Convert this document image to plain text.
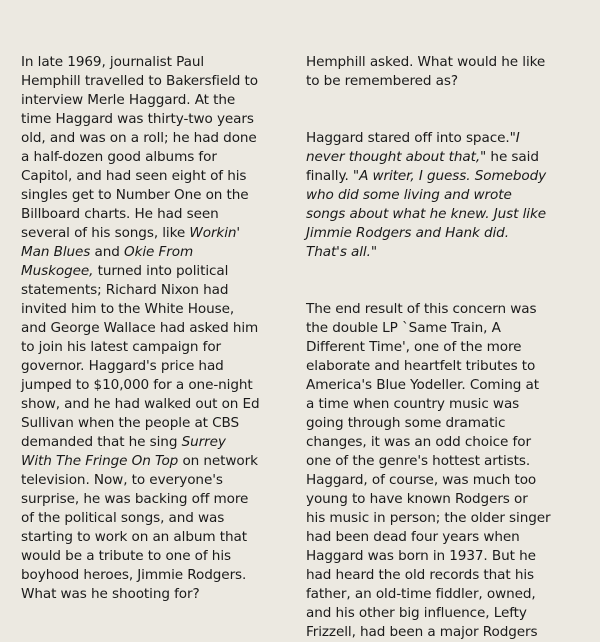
In late 1969, journalist Paul
Hemphill travelled to Bakersfield to
interview Merle Haggard. At the
time Haggard was thirty-two years
old, and was on a roll; he had done
a half-dozen good albums for
Capitol, and had seen eight of his
singles get to Number One on the
Billboard charts. He had seen
several of his songs, like Workin'
Man Blues and Okie From
Muskogee, turned into political
statements; Richard Nixon had
invited him to the White House,
and George Wallace had asked him
to join his latest campaign for
governor. Haggard's price had
jumped to $10,000 for a one-night
show, and he had walked out on Ed
Sullivan when the people at CBS
demanded that he sing Surrey
With The Fringe On Top on network
television. Now, to everyone's
surprise, he was backing off more
of the political songs, and was
starting to work on an album that
would be a tribute to one of his
boyhood heroes, Jimmie Rodgers.
What was he shooting for?

Hemphill asked. What would he like
to be remembered as?

Haggard stared off into space."I
never thought about that," he said
finally. "A writer, I guess. Somebody
who did some living and wrote
songs about what he knew. Just like
Jimmie Rodgers and Hank did.
That's all."

The end result of this concern was
the double LP `Same Train, A
Different Time', one of the more
elaborate and heartfelt tributes to
America's Blue Yodeller. Coming at
a time when country music was
going through some dramatic
changes, it was an odd choice for
one of the genre's hottest artists.
Haggard, of course, was much too
young to have known Rodgers or
his music in person; the older singer
had been dead four years when
Haggard was born in 1937. But he
had heard the old records that his
father, an old-time fiddler, owned,
and his other big influence, Lefty
Frizzell, had been a major Rodgers
